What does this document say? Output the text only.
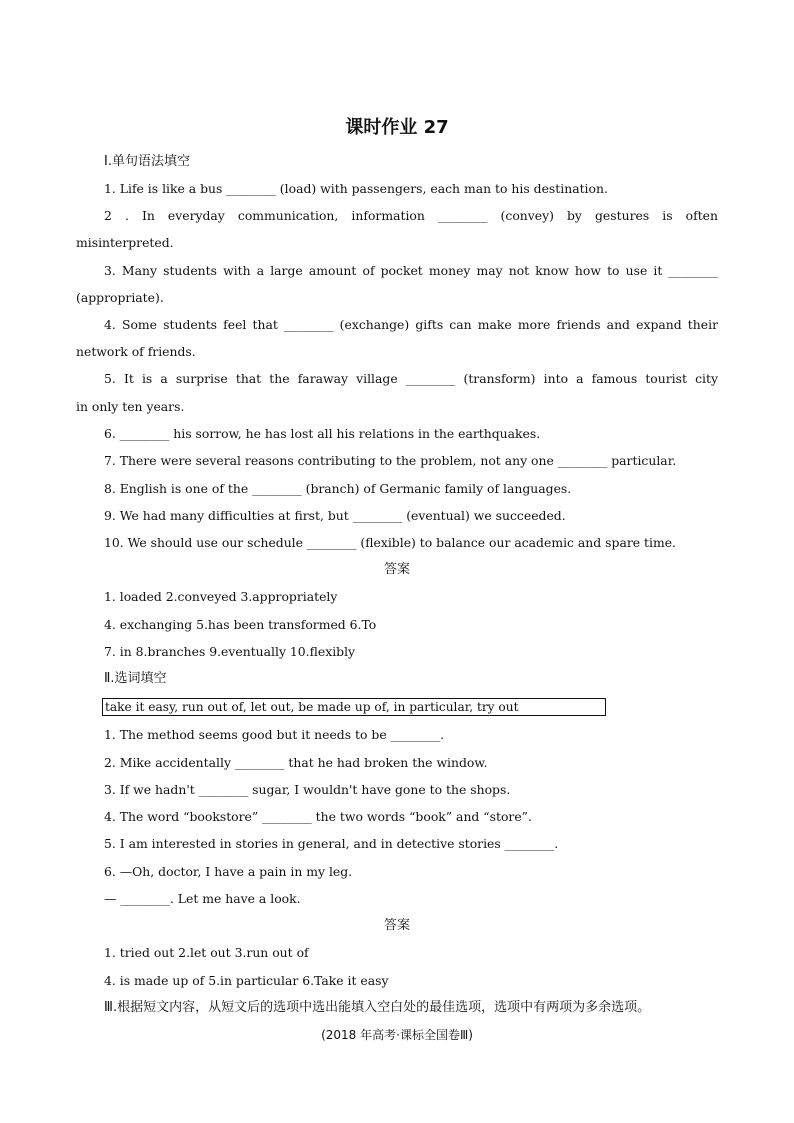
课时作业 27
Ⅰ.单句语法填空
1. Life is like a bus ________ (load) with passengers, each man to his destination.
2 . In everyday communication, information ________ (convey) by gestures is often
misinterpreted.
3. Many students with a large amount of pocket money may not know how to use it ________
(appropriate).
4. Some students feel that ________ (exchange) gifts can make more friends and expand their
network of friends.
5. It is a surprise that the faraway village ________ (transform) into a famous tourist city
in only ten years.
6. ________ his sorrow, he has lost all his relations in the earthquakes.
7. There were several reasons contributing to the problem, not any one ________ particular.
8. English is one of the ________ (branch) of Germanic family of languages.
9. We had many difficulties at first, but ________ (eventual) we succeeded.
10. We should use our schedule ________ (flexible) to balance our academic and spare time.
答案
1. loaded 2.conveyed 3.appropriately
4. exchanging 5.has been transformed 6.To
7. in 8.branches 9.eventually 10.flexibly
Ⅱ.选词填空
take it easy, run out of, let out, be made up of, in particular, try out
1. The method seems good but it needs to be ________.
2. Mike accidentally ________ that he had broken the window.
3. If we hadn't ________ sugar, I wouldn't have gone to the shops.
4. The word “bookstore” ________ the two words “book” and “store”.
5. I am interested in stories in general, and in detective stories ________.
6. —Oh, doctor, I have a pain in my leg.
— ________. Let me have a look.
答案
1. tried out 2.let out 3.run out of
4. is made up of 5.in particular 6.Take it easy
Ⅲ.根据短文内容，从短文后的选项中选出能填入空白处的最佳选项，选项中有两项为多余选项。
(2018 年高考·课标全国卷Ⅲ)
